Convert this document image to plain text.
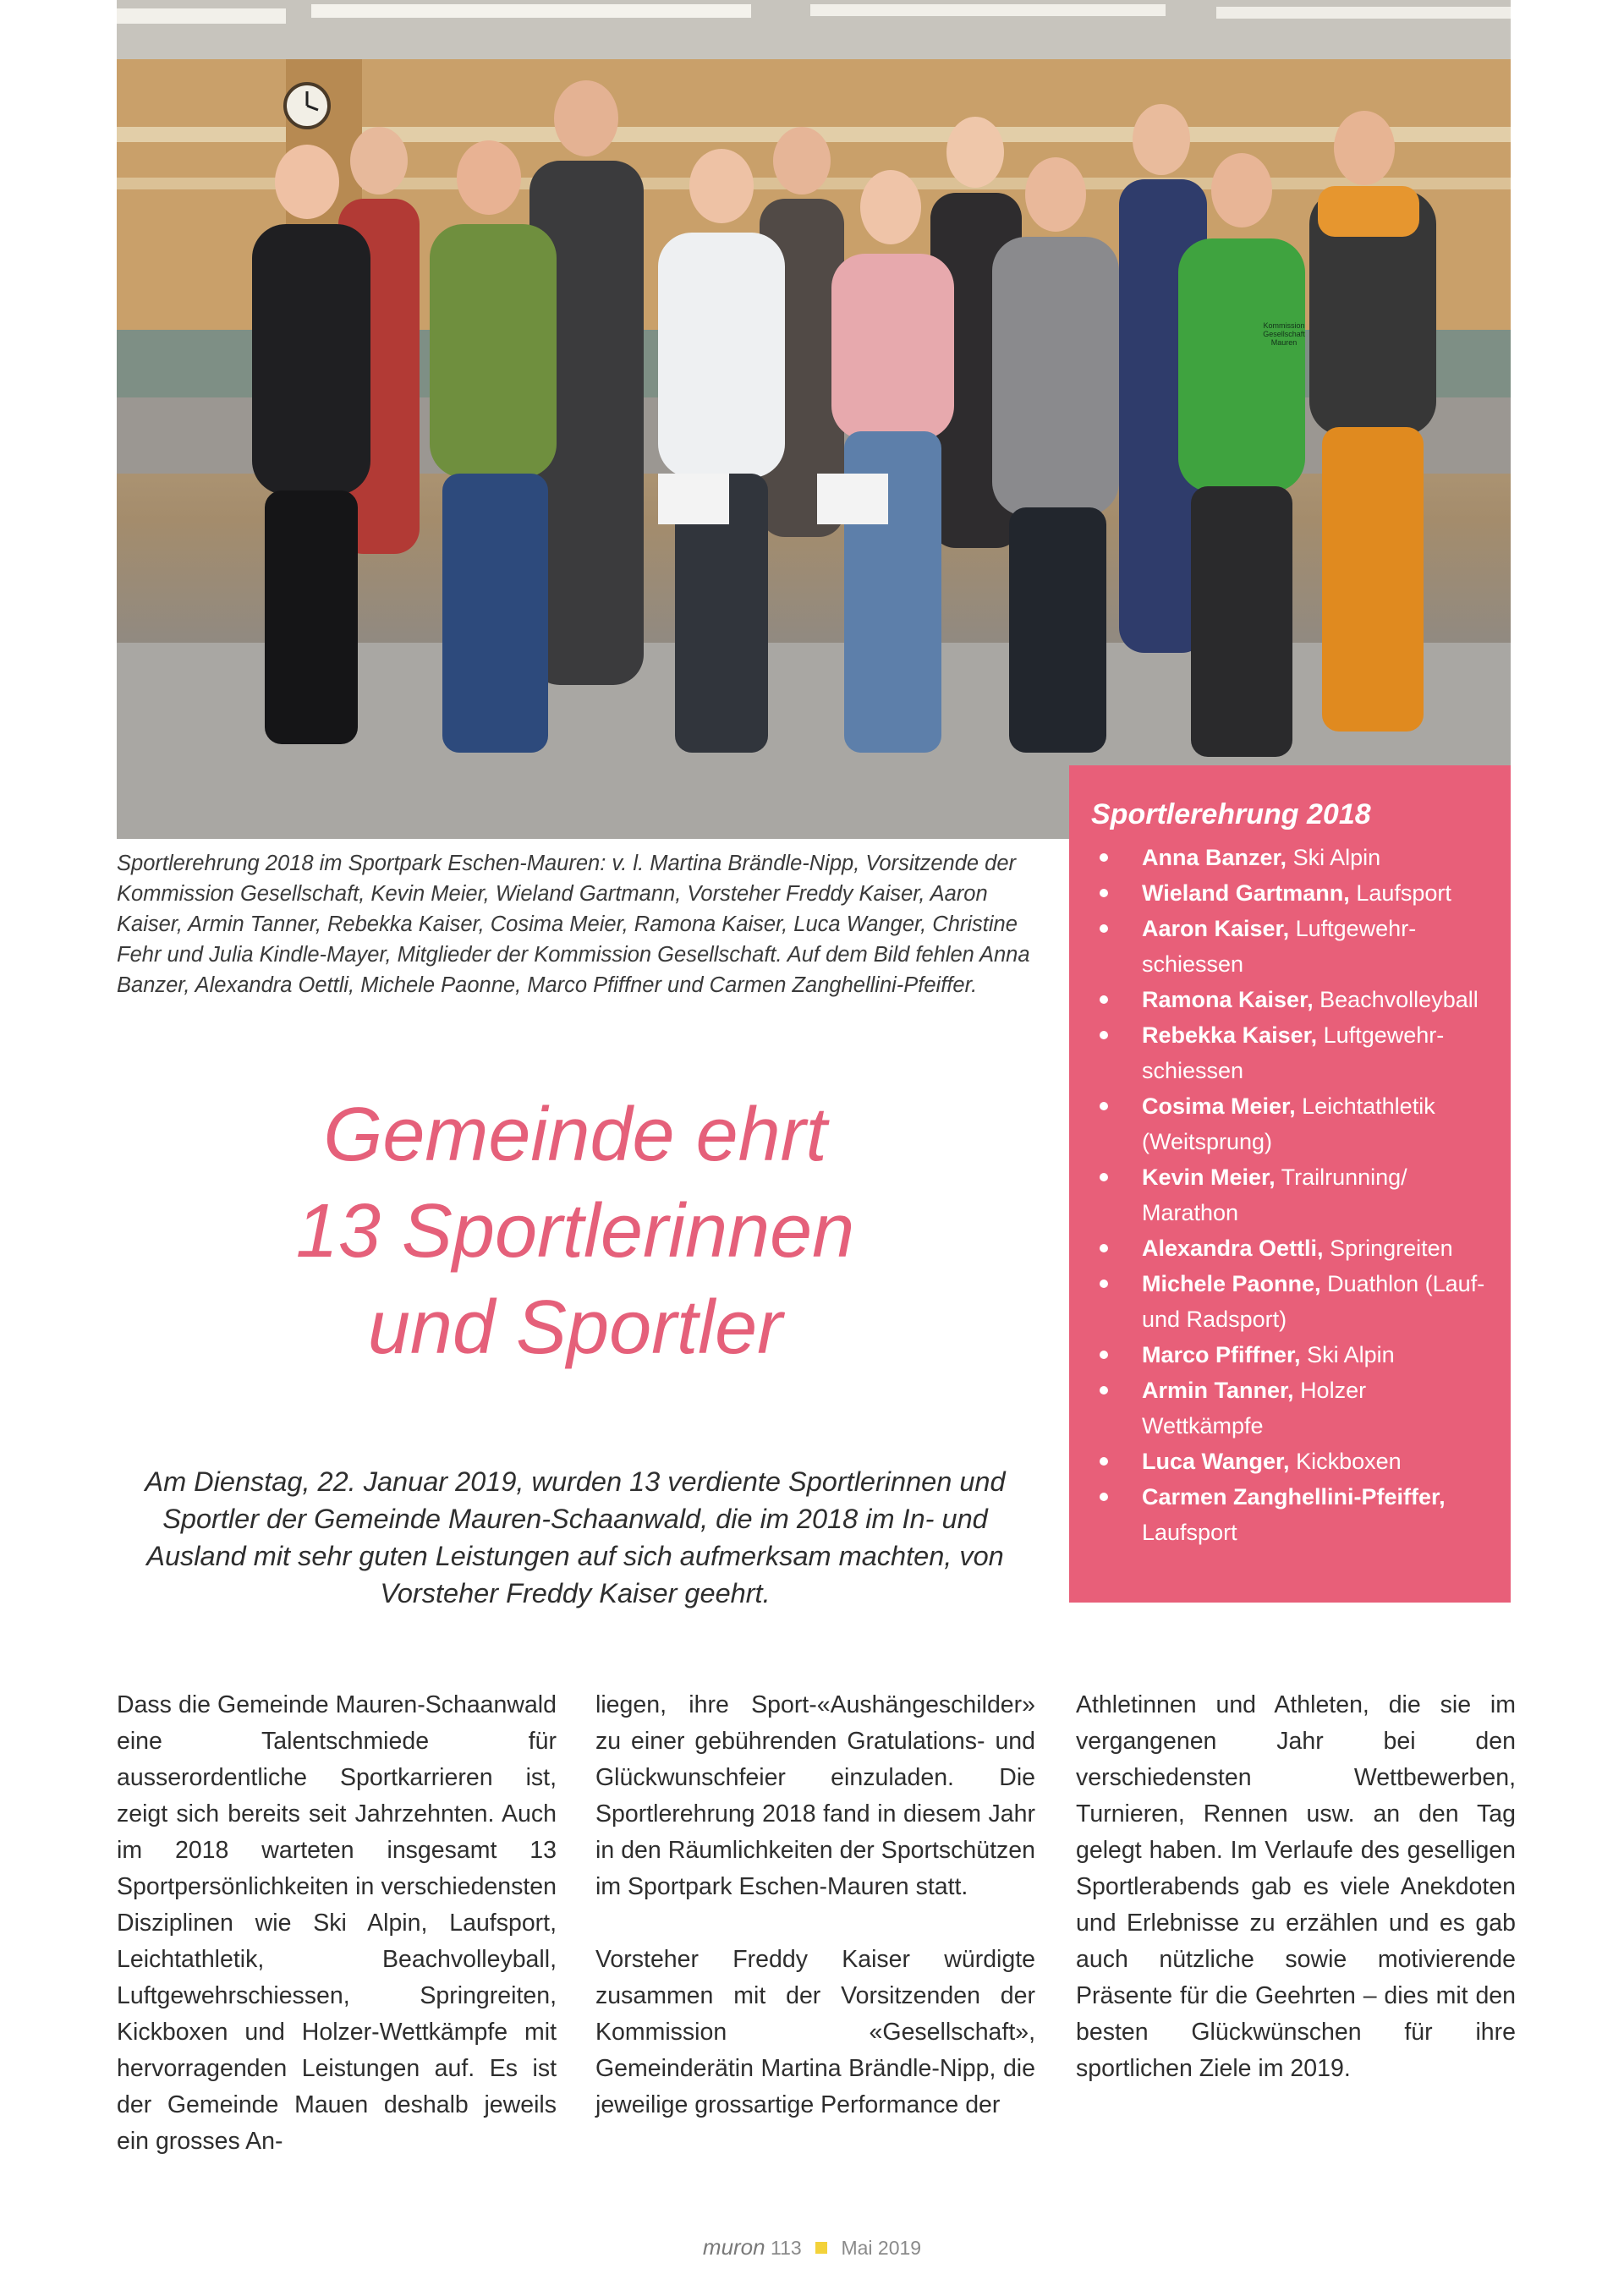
Kommission Gesellschaft Mauren
Sportlerehrung 2018 im Sportpark Eschen-Mauren: v. l. Martina Brändle-Nipp, Vorsitzende der Kommission Gesellschaft, Kevin Meier, Wieland Gartmann, Vorsteher Freddy Kaiser, Aaron Kaiser, Armin Tanner, Rebekka Kaiser, Cosima Meier, Ramona Kaiser, Luca Wanger, Christine Fehr und Julia Kindle-Mayer, Mitglieder der Kommission Gesellschaft. Auf dem Bild fehlen Anna Banzer, Alexandra Oettli, Michele Paonne, Marco Pfiffner und Carmen Zanghellini-Pfeiffer.
Sportlerehrung 2018
Anna Banzer, Ski Alpin
Wieland Gartmann, Laufsport
Aaron Kaiser, Luftgewehrschiessen
Ramona Kaiser, Beachvolleyball
Rebekka Kaiser, Luftgewehrschiessen
Cosima Meier, Leichtathletik (Weitsprung)
Kevin Meier, Trailrunning/ Marathon
Alexandra Oettli, Springreiten
Michele Paonne, Duathlon (Lauf- und Radsport)
Marco Pfiffner, Ski Alpin
Armin Tanner, Holzer Wettkämpfe
Luca Wanger, Kickboxen
Carmen Zanghellini-Pfeiffer, Laufsport
Gemeinde ehrt
13 Sportlerinnen
und Sportler
Am Dienstag, 22. Januar 2019, wurden 13 verdiente Sportlerinnen und Sportler der Gemeinde Mauren-Schaanwald, die im 2018 im In- und Ausland mit sehr guten Leistungen auf sich aufmerksam machten, von Vorsteher Freddy Kaiser geehrt.

Dass die Gemeinde Mauren-Schaanwald eine Talentschmiede für ausserordentliche Sportkarrieren ist, zeigt sich bereits seit Jahrzehnten. Auch im 2018 warteten insgesamt 13 Sportpersönlichkeiten in verschiedensten Disziplinen wie Ski Alpin, Laufsport, Leichtathletik, Beachvolleyball, Luftgewehrschiessen, Springreiten, Kickboxen und Holzer-Wettkämpfe mit hervorragenden Leistungen auf. Es ist der Gemeinde Mauen deshalb jeweils ein grosses An-

liegen, ihre Sport-«Aushängeschilder» zu einer gebührenden Gratulations- und Glückwunschfeier einzuladen. Die Sportlerehrung 2018 fand in diesem Jahr in den Räumlichkeiten der Sportschützen im Sportpark Eschen-Mauren statt.

Vorsteher Freddy Kaiser würdigte zusammen mit der Vorsitzenden der Kommission «Gesellschaft», Gemeinderätin Martina Brändle-Nipp, die jeweilige grossartige Performance der

Athletinnen und Athleten, die sie im vergangenen Jahr bei den verschiedensten Wettbewerben, Turnieren, Rennen usw. an den Tag gelegt haben. Im Verlaufe des geselligen Sportlerabends gab es viele Anekdoten und Erlebnisse zu erzählen und es gab auch nützliche sowie motivierende Präsente für die Geehrten – dies mit den besten Glückwünschen für ihre sportlichen Ziele im 2019.

muron 113 Mai 2019
